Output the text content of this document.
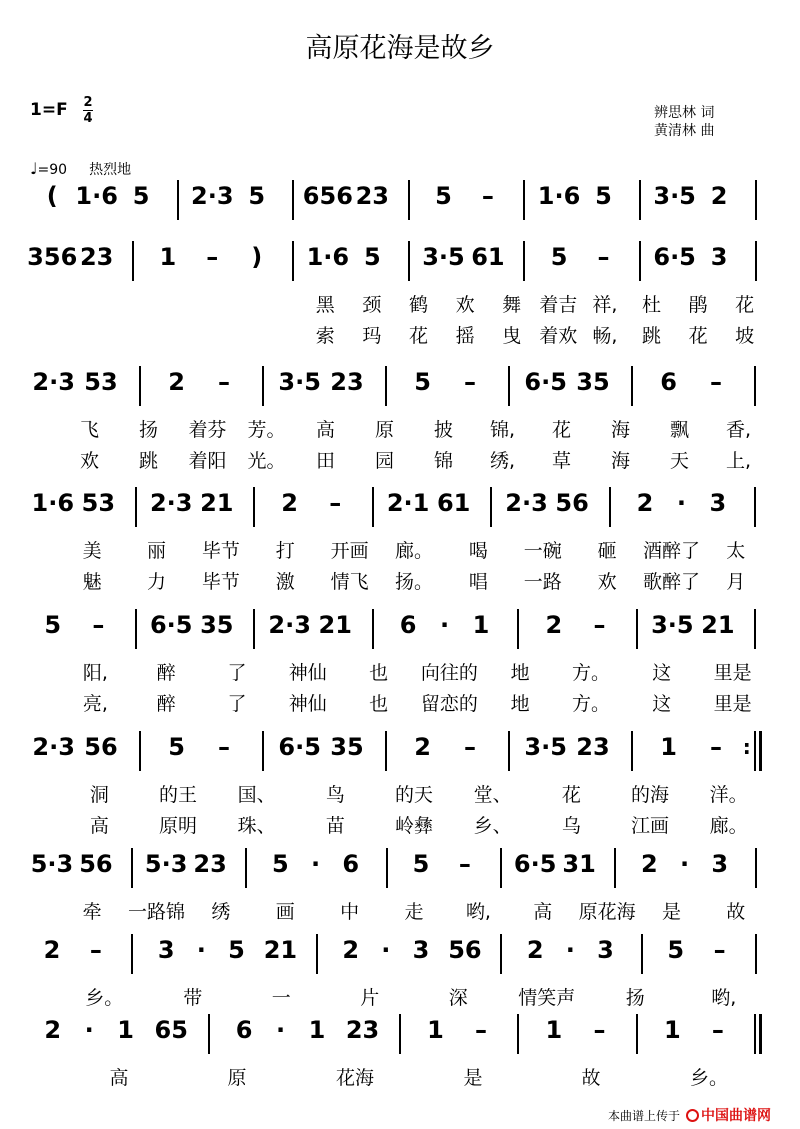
高原花海是故乡
1=F 2
4	辨思林 词
黄清林 曲
♩=90 热烈地
( 1·6 5 2·3 5 656 23 5 – 1·6 5 3·5 2
356 23 1 – ) 1·6 5 3·5 61 5 – 6·5 3
黑 颈 鹤 欢 舞 着吉 祥, 杜 鹃 花
索 玛 花 摇 曳 着欢 畅, 跳 花 坡
2·3 53 2 – 3·5 23 5 – 6·5 35 6 –
飞 扬 着芬 芳。 高 原 披 锦, 花 海 飘 香,
欢 跳 着阳 光。 田 园 锦 绣, 草 海 天 上,
1·6 53 2·3 21 2 – 2·1 61 2·3 56 2 · 3
美 丽 毕节 打 开画 廊。 喝 一碗 砸 酒醉了 太
魅 力 毕节 激 情飞 扬。 唱 一路 欢 歌醉了 月
5 – 6·5 35 2·3 21 6 · 1 2 – 3·5 21
阳,	醉	了 神仙 也 向往的 地 方。 这 里是
亮,	醉	了 神仙 也 留恋的 地 方。 这 里是
2·3 56 5 – 6·5 35 2 – 3·5 23 1 – :
洞	的王 国、	鸟	的天 堂、	花	的海 洋。
高	原明 珠、	苗	岭彝 乡、	乌	江画 廊。
5·3 56 5·3 23 5 · 6 5 – 6·5 31 2 · 3
牵 一路锦 绣 画 中 走 哟, 高 原花海 是 故
2 – 3 · 5 21 2 · 3 56 2 · 3 5 –
乡。	带	一	片	深	情笑声	扬	哟,
2 · 1 65 6 · 1 23 1 – 1 – 1 –
高	原	花海	是	故	乡。
本曲谱上传于 中国曲谱网
